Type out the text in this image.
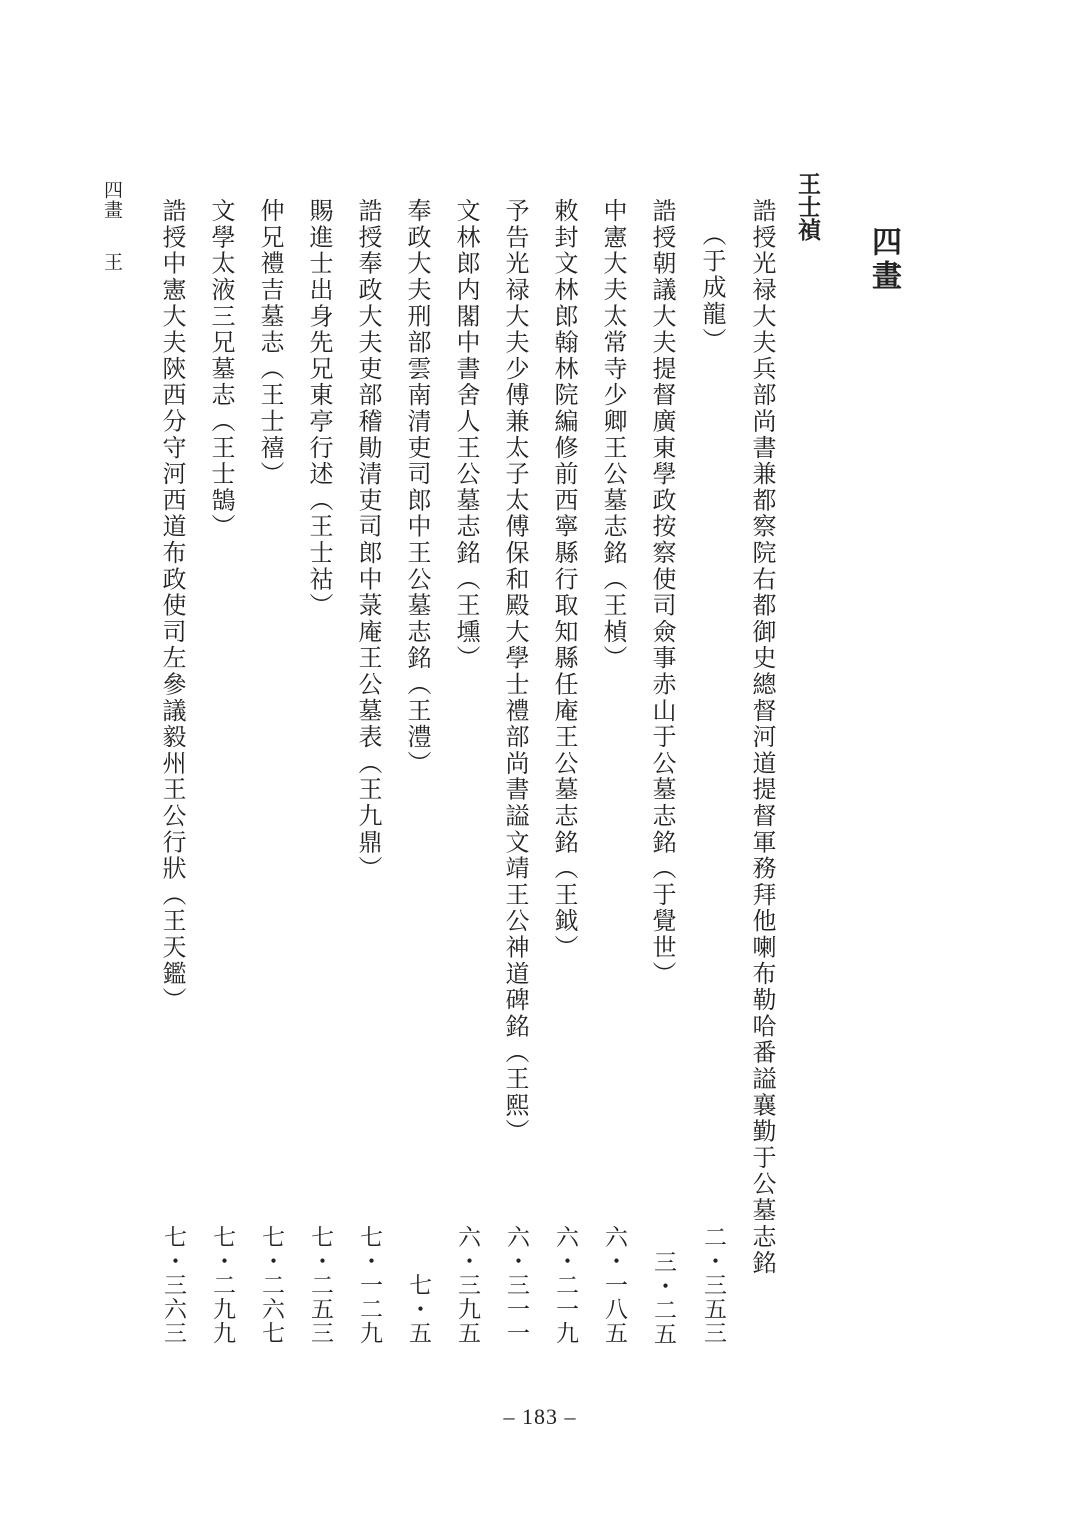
四畫
王士禎
誥授光禄大夫兵部尚書兼都察院右都御史總督河道提督軍務拜他喇布勒哈番謚襄勤于公墓志銘
（于成龍）
二・三五三
誥授朝議大夫提督廣東學政按察使司僉事赤山于公墓志銘（于覺世）
三・二五
中憲大夫太常寺少卿王公墓志銘（王楨）
六・一八五
敕封文林郎翰林院編修前西寧縣行取知縣任庵王公墓志銘（王鉞）
六・二一九
予告光禄大夫少傅兼太子太傅保和殿大學士禮部尚書謚文靖王公神道碑銘（王熙）
六・三一一
文林郎内閣中書舍人王公墓志銘（王壎）
六・三九五
奉政大夫刑部雲南清吏司郎中王公墓志銘（王澧）
七・五
誥授奉政大夫吏部稽勛清吏司郎中菉庵王公墓表（王九鼎）
七・一二九
賜進士出身先兄東亭行述（王士祜）
七・二五三
仲兄禮吉墓志（王士禧）
七・二六七
文學太液三兄墓志（王士鵠）
七・二九九
誥授中憲大夫陝西分守河西道布政使司左參議毅州王公行狀（王天鑑）
七・三六三
四畫
王
– 183 –
